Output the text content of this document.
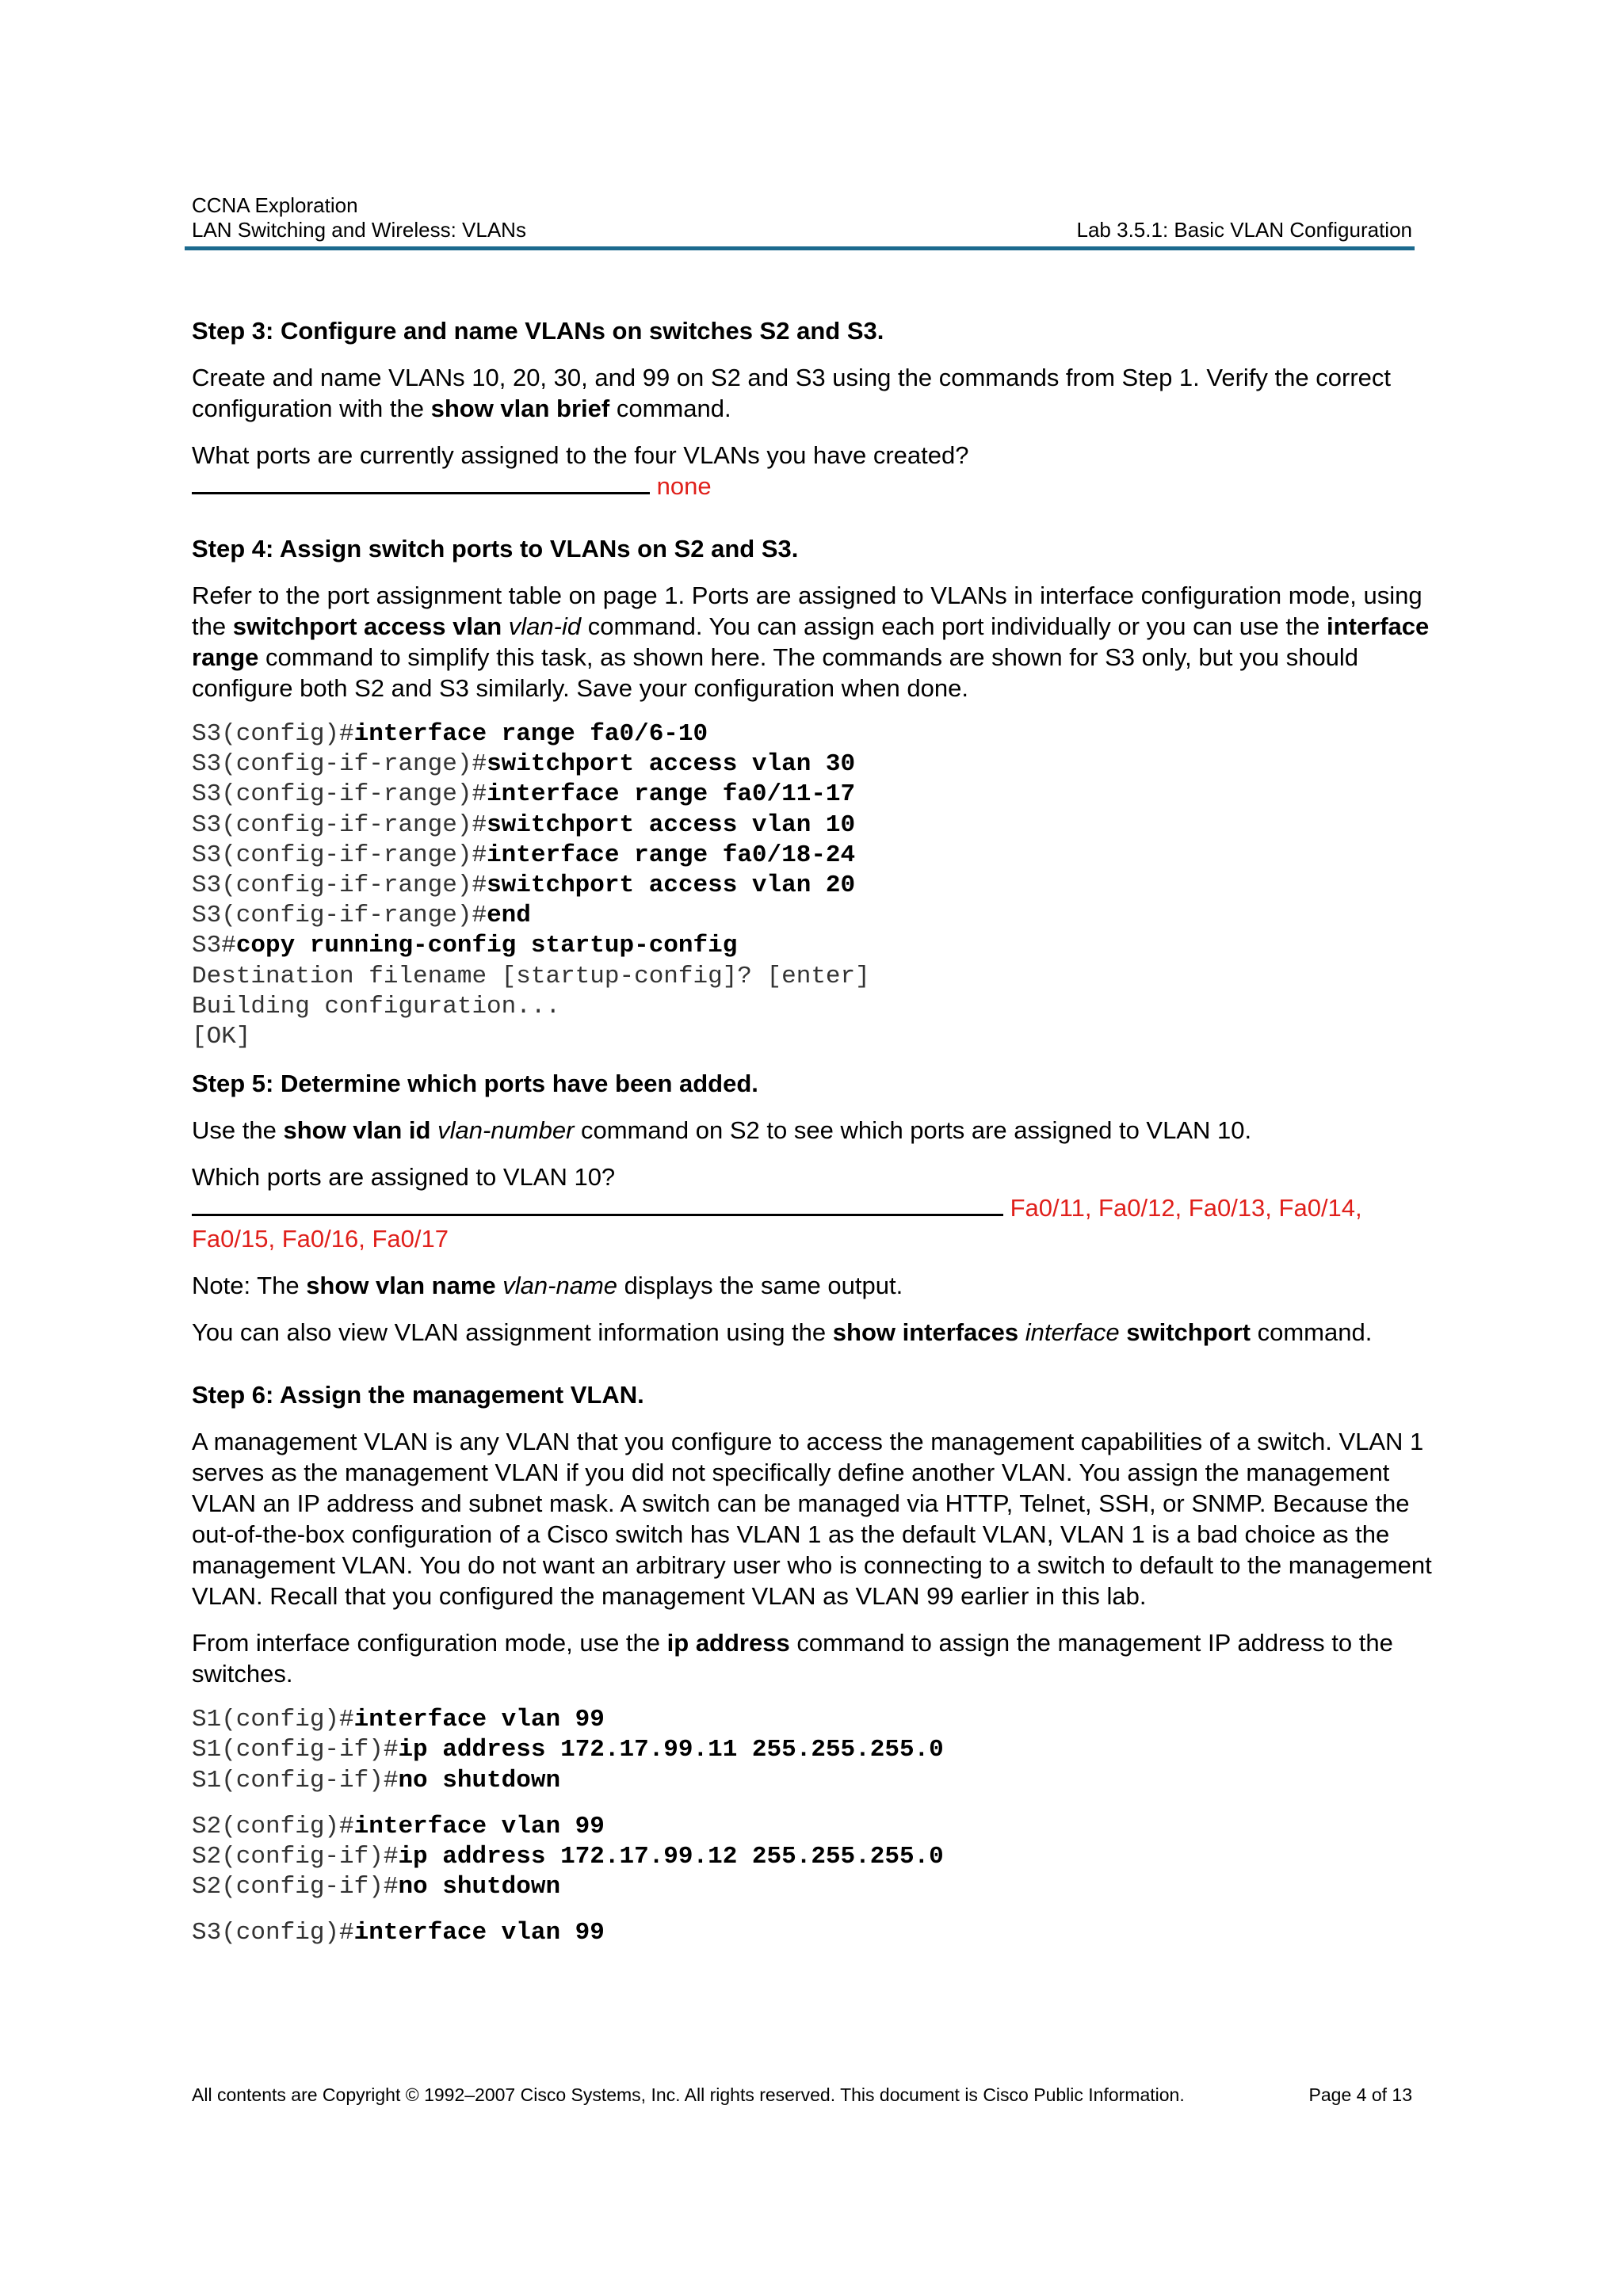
CCNA Exploration
LAN Switching and Wireless: VLANs	Lab 3.5.1: Basic VLAN Configuration
Step 3: Configure and name VLANs on switches S2 and S3.
Create and name VLANs 10, 20, 30, and 99 on S2 and S3 using the commands from Step 1. Verify the correct configuration with the show vlan brief command.
What ports are currently assigned to the four VLANs you have created?
none
Step 4: Assign switch ports to VLANs on S2 and S3.
Refer to the port assignment table on page 1. Ports are assigned to VLANs in interface configuration mode, using the switchport access vlan vlan-id command. You can assign each port individually or you can use the interface range command to simplify this task, as shown here. The commands are shown for S3 only, but you should configure both S2 and S3 similarly. Save your configuration when done.
S3(config)#interface range fa0/6-10
S3(config-if-range)#switchport access vlan 30
S3(config-if-range)#interface range fa0/11-17
S3(config-if-range)#switchport access vlan 10
S3(config-if-range)#interface range fa0/18-24
S3(config-if-range)#switchport access vlan 20
S3(config-if-range)#end
S3#copy running-config startup-config
Destination filename [startup-config]? [enter]
Building configuration...
[OK]
Step 5: Determine which ports have been added.
Use the show vlan id vlan-number command on S2 to see which ports are assigned to VLAN 10.
Which ports are assigned to VLAN 10?
Fa0/11, Fa0/12, Fa0/13, Fa0/14,
Fa0/15, Fa0/16, Fa0/17
Note: The show vlan name vlan-name displays the same output.
You can also view VLAN assignment information using the show interfaces interface switchport command.
Step 6: Assign the management VLAN.
A management VLAN is any VLAN that you configure to access the management capabilities of a switch. VLAN 1 serves as the management VLAN if you did not specifically define another VLAN. You assign the management VLAN an IP address and subnet mask. A switch can be managed via HTTP, Telnet, SSH, or SNMP. Because the out-of-the-box configuration of a Cisco switch has VLAN 1 as the default VLAN, VLAN 1 is a bad choice as the management VLAN. You do not want an arbitrary user who is connecting to a switch to default to the management VLAN. Recall that you configured the management VLAN as VLAN 99 earlier in this lab.
From interface configuration mode, use the ip address command to assign the management IP address to the switches.
S1(config)#interface vlan 99
S1(config-if)#ip address 172.17.99.11 255.255.255.0
S1(config-if)#no shutdown
S2(config)#interface vlan 99
S2(config-if)#ip address 172.17.99.12 255.255.255.0
S2(config-if)#no shutdown
S3(config)#interface vlan 99
All contents are Copyright © 1992–2007 Cisco Systems, Inc. All rights reserved. This document is Cisco Public Information.	Page 4 of 13
